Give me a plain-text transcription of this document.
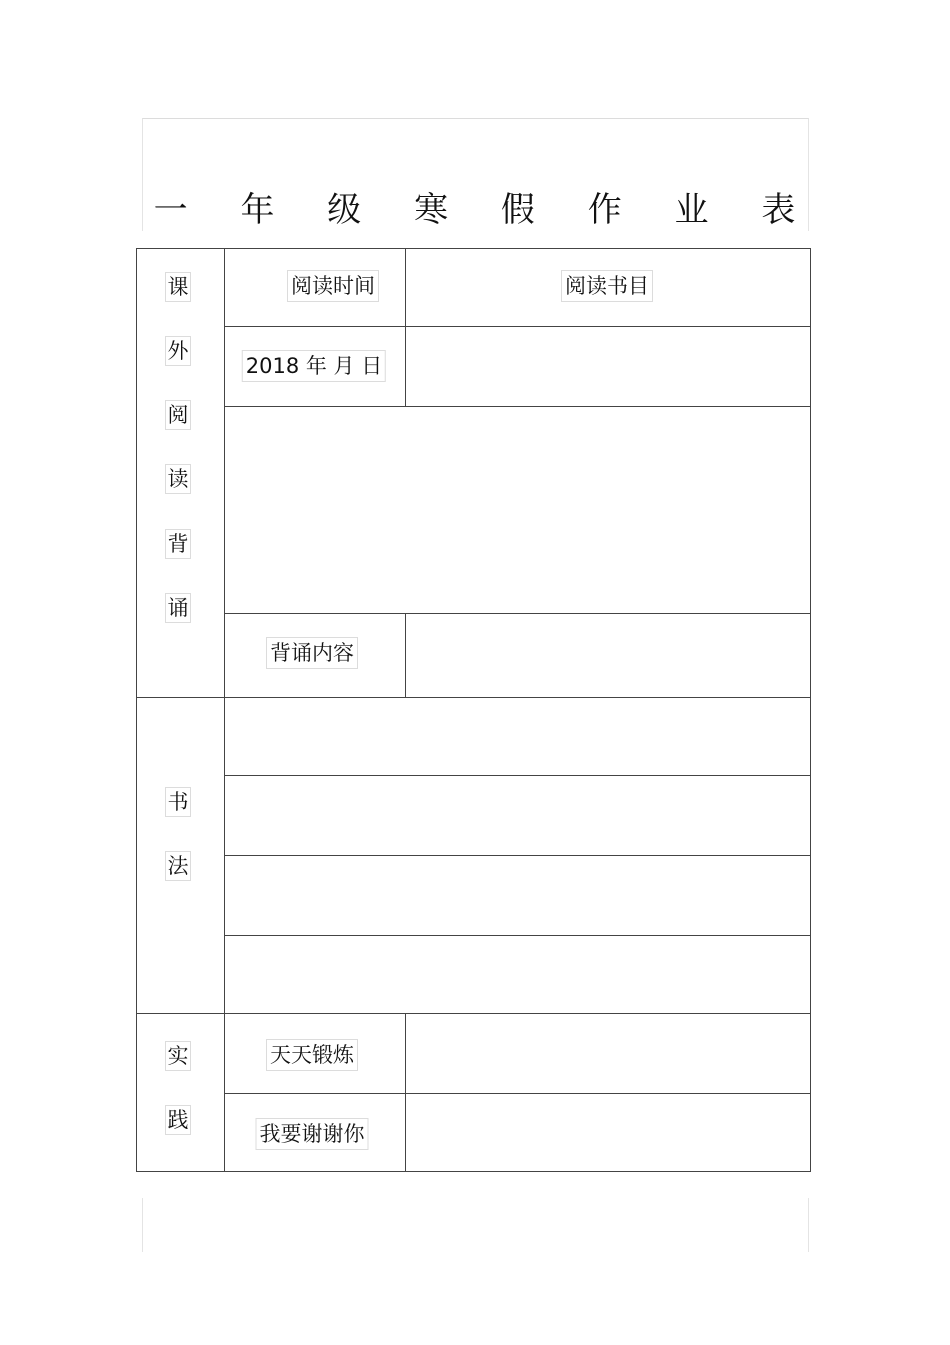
一 年 级 寒 假 作 业 表
课
外
阅
读
背
诵
阅读时间	阅读书目
2018 年 月 日
背诵内容
书
法
实
践
天天锻炼
我要谢谢你
